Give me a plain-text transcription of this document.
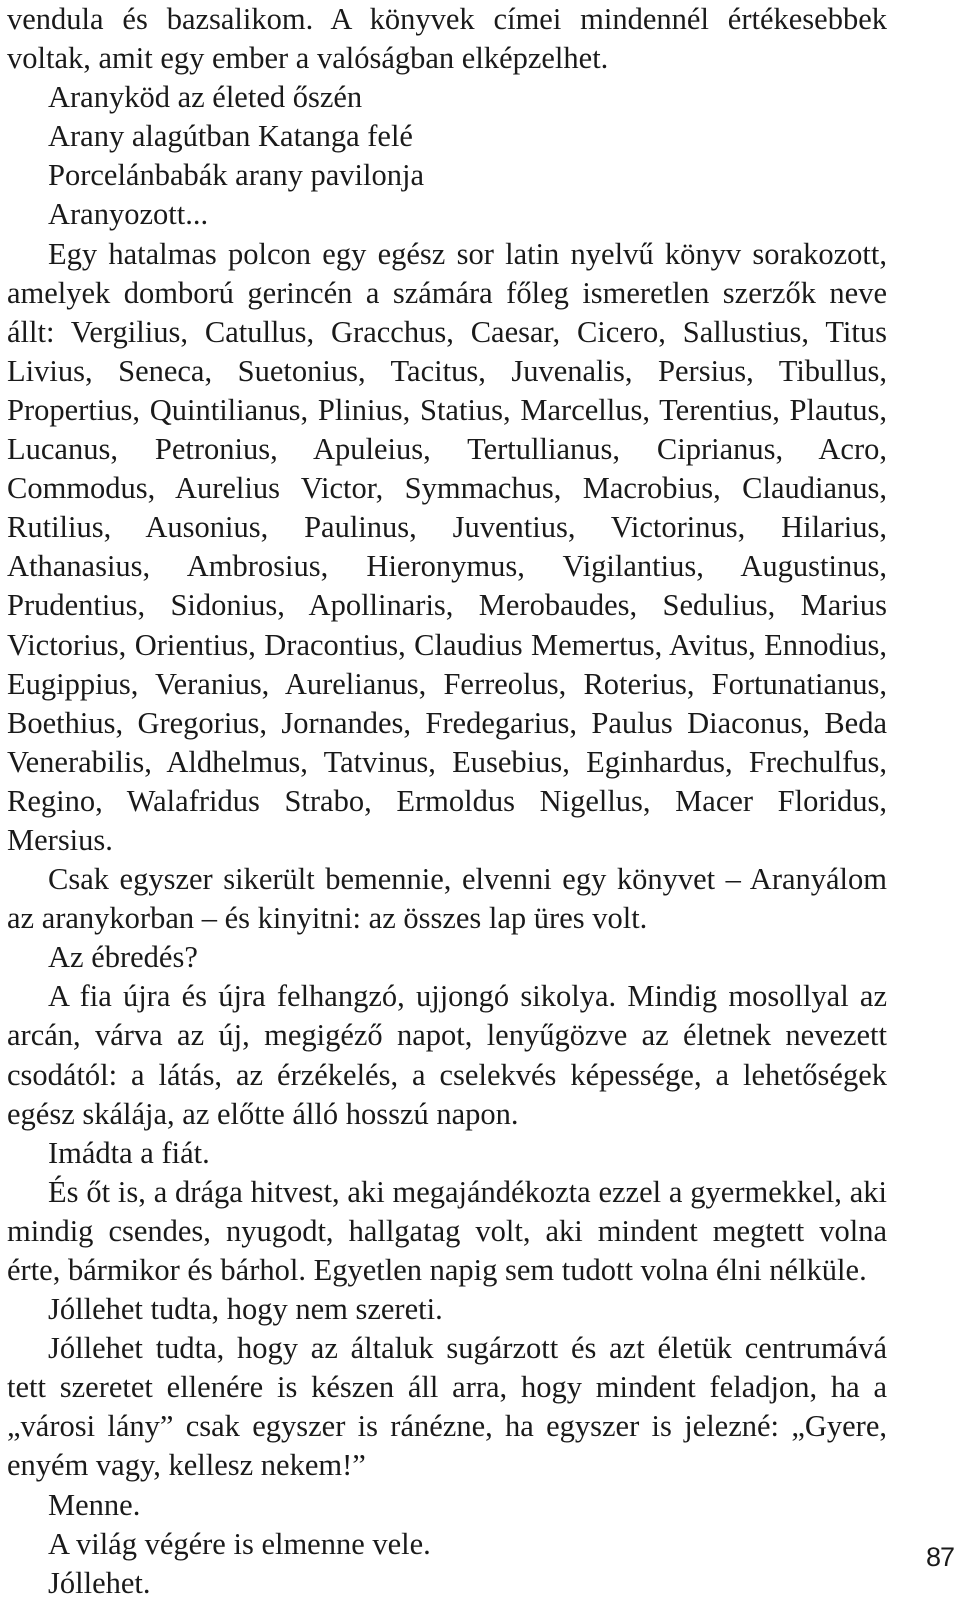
vendula és bazsalikom. A könyvek címei mindennél értékesebbek voltak, amit egy ember a valóságban elképzelhet.

Aranyköd az életed őszén

Arany alagútban Katanga felé

Porcelánbabák arany pavilonja

Aranyozott...

Egy hatalmas polcon egy egész sor latin nyelvű könyv sorakozott, amelyek domború gerincén a számára főleg ismeretlen szerzők neve állt: Vergilius, Catullus, Gracchus, Caesar, Cicero, Sallustius, Titus Livius, Seneca, Suetonius, Tacitus, Juvenalis, Persius, Tibullus, Propertius, Quintilianus, Plinius, Statius, Marcellus, Terentius, Plautus, Lucanus, Petronius, Apuleius, Tertullianus, Ciprianus, Acro, Commodus, Aurelius Victor, Symmachus, Macrobius, Claudianus, Rutilius, Ausonius, Paulinus, Juventius, Victorinus, Hilarius, Athanasius, Ambrosius, Hieronymus, Vigilantius, Augustinus, Prudentius, Sidonius, Apollinaris, Merobaudes, Sedulius, Marius Victorius, Orientius, Dracontius, Claudius Memertus, Avitus, Ennodius, Eugippius, Veranius, Aurelianus, Ferreolus, Roterius, Fortunatianus, Boethius, Gregorius, Jornandes, Fredegarius, Paulus Diaconus, Beda Venerabilis, Aldhelmus, Tatvinus, Eusebius, Eginhardus, Frechulfus, Regino, Walafridus Strabo, Ermoldus Nigellus, Macer Floridus, Mersius.

Csak egyszer sikerült bemennie, elvenni egy könyvet – Aranyálom az aranykorban – és kinyitni: az összes lap üres volt.

Az ébredés?

A fia újra és újra felhangzó, ujjongó sikolya. Mindig mosollyal az arcán, várva az új, megigéző napot, lenyűgözve az életnek nevezett csodától: a látás, az érzékelés, a cselekvés képessége, a lehetőségek egész skálája, az előtte álló hosszú napon.

Imádta a fiát.

És őt is, a drága hitvest, aki megajándékozta ezzel a gyermekkel, aki mindig csendes, nyugodt, hallgatag volt, aki mindent megtett volna érte, bármikor és bárhol. Egyetlen napig sem tudott volna élni nélküle.

Jóllehet tudta, hogy nem szereti.

Jóllehet tudta, hogy az általuk sugárzott és azt életük centrumává tett szeretet ellenére is készen áll arra, hogy mindent feladjon, ha a „városi lány” csak egyszer is ránézne, ha egyszer is jelezné: „Gyere, enyém vagy, kellesz nekem!”

Menne.

A világ végére is elmenne vele.

Jóllehet.

87
